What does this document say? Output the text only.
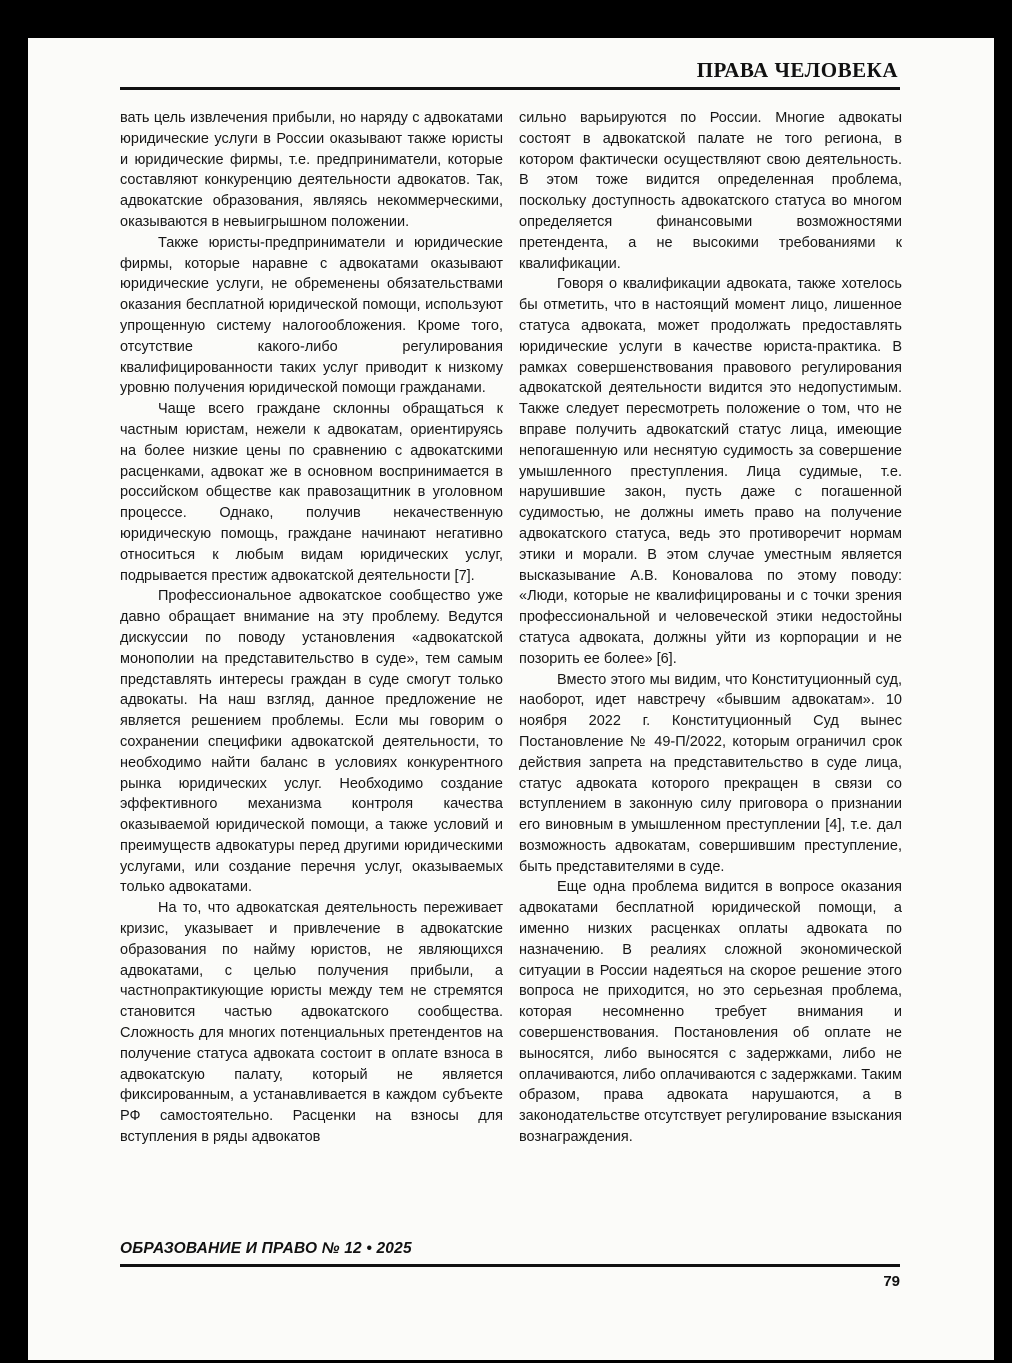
ПРАВА ЧЕЛОВЕКА

вать цель извлечения прибыли, но наряду с адвокатами юридические услуги в России оказывают также юристы и юридические фирмы, т.е. предприниматели, которые составляют конкуренцию деятельности адвокатов. Так, адвокатские образования, являясь некоммерческими, оказываются в невыигрышном положении.

Также юристы-предприниматели и юридические фирмы, которые наравне с адвокатами оказывают юридические услуги, не обременены обязательствами оказания бесплатной юридической помощи, используют упрощенную систему налогообложения. Кроме того, отсутствие какого-либо регулирования квалифицированности таких услуг приводит к низкому уровню получения юридической помощи гражданами.

Чаще всего граждане склонны обращаться к частным юристам, нежели к адвокатам, ориентируясь на более низкие цены по сравнению с адвокатскими расценками, адвокат же в основном воспринимается в российском обществе как правозащитник в уголовном процессе. Однако, получив некачественную юридическую помощь, граждане начинают негативно относиться к любым видам юридических услуг, подрывается престиж адвокатской деятельности [7].

Профессиональное адвокатское сообщество уже давно обращает внимание на эту проблему. Ведутся дискуссии по поводу установления «адвокатской монополии на представительство в суде», тем самым представлять интересы граждан в суде смогут только адвокаты. На наш взгляд, данное предложение не является решением проблемы. Если мы говорим о сохранении специфики адвокатской деятельности, то необходимо найти баланс в условиях конкурентного рынка юридических услуг. Необходимо создание эффективного механизма контроля качества оказываемой юридической помощи, а также условий и преимуществ адвокатуры перед другими юридическими услугами, или создание перечня услуг, оказываемых только адвокатами.

На то, что адвокатская деятельность переживает кризис, указывает и привлечение в адвокатские образования по найму юристов, не являющихся адвокатами, с целью получения прибыли, а частнопрактикующие юристы между тем не стремятся становится частью адвокатского сообщества. Сложность для многих потенциальных претендентов на получение статуса адвоката состоит в оплате взноса в адвокатскую палату, который не является фиксированным, а устанавливается в каждом субъекте РФ самостоятельно. Расценки на взносы для вступления в ряды адвокатов

сильно варьируются по России. Многие адвокаты состоят в адвокатской палате не того региона, в котором фактически осуществляют свою деятельность. В этом тоже видится определенная проблема, поскольку доступность адвокатского статуса во многом определяется финансовыми возможностями претендента, а не высокими требованиями к квалификации.

Говоря о квалификации адвоката, также хотелось бы отметить, что в настоящий момент лицо, лишенное статуса адвоката, может продолжать предоставлять юридические услуги в качестве юриста-практика. В рамках совершенствования правового регулирования адвокатской деятельности видится это недопустимым. Также следует пересмотреть положение о том, что не вправе получить адвокатский статус лица, имеющие непогашенную или неснятую судимость за совершение умышленного преступления. Лица судимые, т.е. нарушившие закон, пусть даже с погашенной судимостью, не должны иметь право на получение адвокатского статуса, ведь это противоречит нормам этики и морали. В этом случае уместным является высказывание А.В. Коновалова по этому поводу: «Люди, которые не квалифицированы и с точки зрения профессиональной и человеческой этики недостойны статуса адвоката, должны уйти из корпорации и не позорить ее более» [6].

Вместо этого мы видим, что Конституционный суд, наоборот, идет навстречу «бывшим адвокатам». 10 ноября 2022 г. Конституционный Суд вынес Постановление № 49-П/2022, которым ограничил срок действия запрета на представительство в суде лица, статус адвоката которого прекращен в связи со вступлением в законную силу приговора о признании его виновным в умышленном преступлении [4], т.е. дал возможность адвокатам, совершившим преступление, быть представителями в суде.

Еще одна проблема видится в вопросе оказания адвокатами бесплатной юридической помощи, а именно низких расценках оплаты адвоката по назначению. В реалиях сложной экономической ситуации в России надеяться на скорое решение этого вопроса не приходится, но это серьезная проблема, которая несомненно требует внимания и совершенствования. Постановления об оплате не выносятся, либо выносятся с задержками, либо не оплачиваются, либо оплачиваются с задержками. Таким образом, права адвоката нарушаются, а в законодательстве отсутствует регулирование взыскания вознаграждения.

ОБРАЗОВАНИЕ И ПРАВО № 12 • 2025
79
